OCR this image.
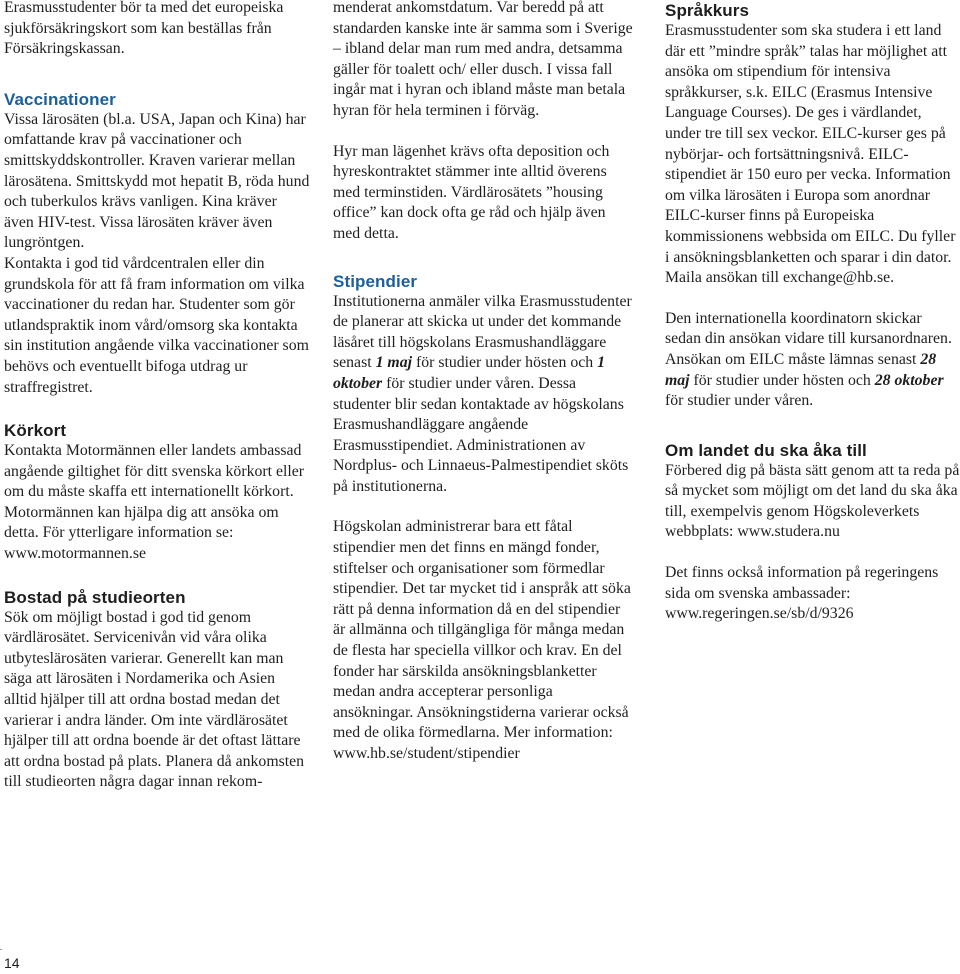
Erasmusstudenter bör ta med det europeiska sjukförsäkringskort som kan beställas från Försäkringskassan.

Vaccinationer

Vissa lärosäten (bl.a. USA, Japan och Kina) har omfattande krav på vaccinationer och smittskyddskontroller. Kraven varierar mellan lärosätena. Smittskydd mot hepatit B, röda hund och tuberkulos krävs vanligen. Kina kräver även HIV-test. Vissa lärosäten kräver även lungröntgen.

Kontakta i god tid vårdcentralen eller din grundskola för att få fram information om vilka vaccinationer du redan har. Studenter som gör utlandspraktik inom vård/omsorg ska kontakta sin institution angående vilka vaccinationer som behövs och eventuellt bifoga utdrag ur straffregistret.

Körkort

Kontakta Motormännen eller landets ambassad angående giltighet för ditt svenska körkort eller om du måste skaffa ett internationellt körkort. Motormännen kan hjälpa dig att ansöka om detta. För ytterligare information se: www.motormannen.se

Bostad på studieorten

Sök om möjligt bostad i god tid genom värdlärosätet. Servicenivån vid våra olika utbyteslärosäten varierar. Generellt kan man säga att lärosäten i Nordamerika och Asien alltid hjälper till att ordna bostad medan det varierar i andra länder. Om inte värdlärosätet hjälper till att ordna boende är det oftast lättare att ordna bostad på plats. Planera då ankomsten till studieorten några dagar innan rekom-

menderat ankomstdatum. Var beredd på att standarden kanske inte är samma som i Sverige – ibland delar man rum med andra, detsamma gäller för toalett och/ eller dusch. I vissa fall ingår mat i hyran och ibland måste man betala hyran för hela terminen i förväg.

Hyr man lägenhet krävs ofta deposition och hyreskontraktet stämmer inte alltid överens med terminstiden. Värdlärosätets ”housing office” kan dock ofta ge råd och hjälp även med detta.

Stipendier

Institutionerna anmäler vilka Erasmusstudenter de planerar att skicka ut under det kommande läsåret till högskolans Erasmushandläggare senast 1 maj för studier under hösten och 1 oktober för studier under våren. Dessa studenter blir sedan kontaktade av högskolans Erasmushandläggare angående Erasmusstipendiet. Administrationen av Nordplus- och Linnaeus-Palmestipendiet sköts på institutionerna.

Högskolan administrerar bara ett fåtal stipendier men det finns en mängd fonder, stiftelser och organisationer som förmedlar stipendier. Det tar mycket tid i anspråk att söka rätt på denna information då en del stipendier är allmänna och tillgängliga för många medan de flesta har speciella villkor och krav. En del fonder har särskilda ansökningsblanketter medan andra accepterar personliga ansökningar. Ansökningstiderna varierar också med de olika förmedlarna. Mer information: www.hb.se/student/stipendier

Språkkurs

Erasmusstudenter som ska studera i ett land där ett ”mindre språk” talas har möjlighet att ansöka om stipendium för intensiva språkkurser, s.k. EILC (Erasmus Intensive Language Courses). De ges i värdlandet, under tre till sex veckor. EILC-kurser ges på nybörjar- och fortsättningsnivå. EILC-stipendiet är 150 euro per vecka. Information om vilka lärosäten i Europa som anordnar EILC-kurser finns på Europeiska kommissionens webbsida om EILC. Du fyller i ansökningsblanketten och sparar i din dator. Maila ansökan till exchange@hb.se.

Den internationella koordinatorn skickar sedan din ansökan vidare till kursanordnaren. Ansökan om EILC måste lämnas senast 28 maj för studier under hösten och 28 oktober för studier under våren.

Om landet du ska åka till

Förbered dig på bästa sätt genom att ta reda på så mycket som möjligt om det land du ska åka till, exempelvis genom Högskoleverkets webbplats: www.studera.nu

Det finns också information på regeringens sida om svenska ambassader: www.regeringen.se/sb/d/9326

14
